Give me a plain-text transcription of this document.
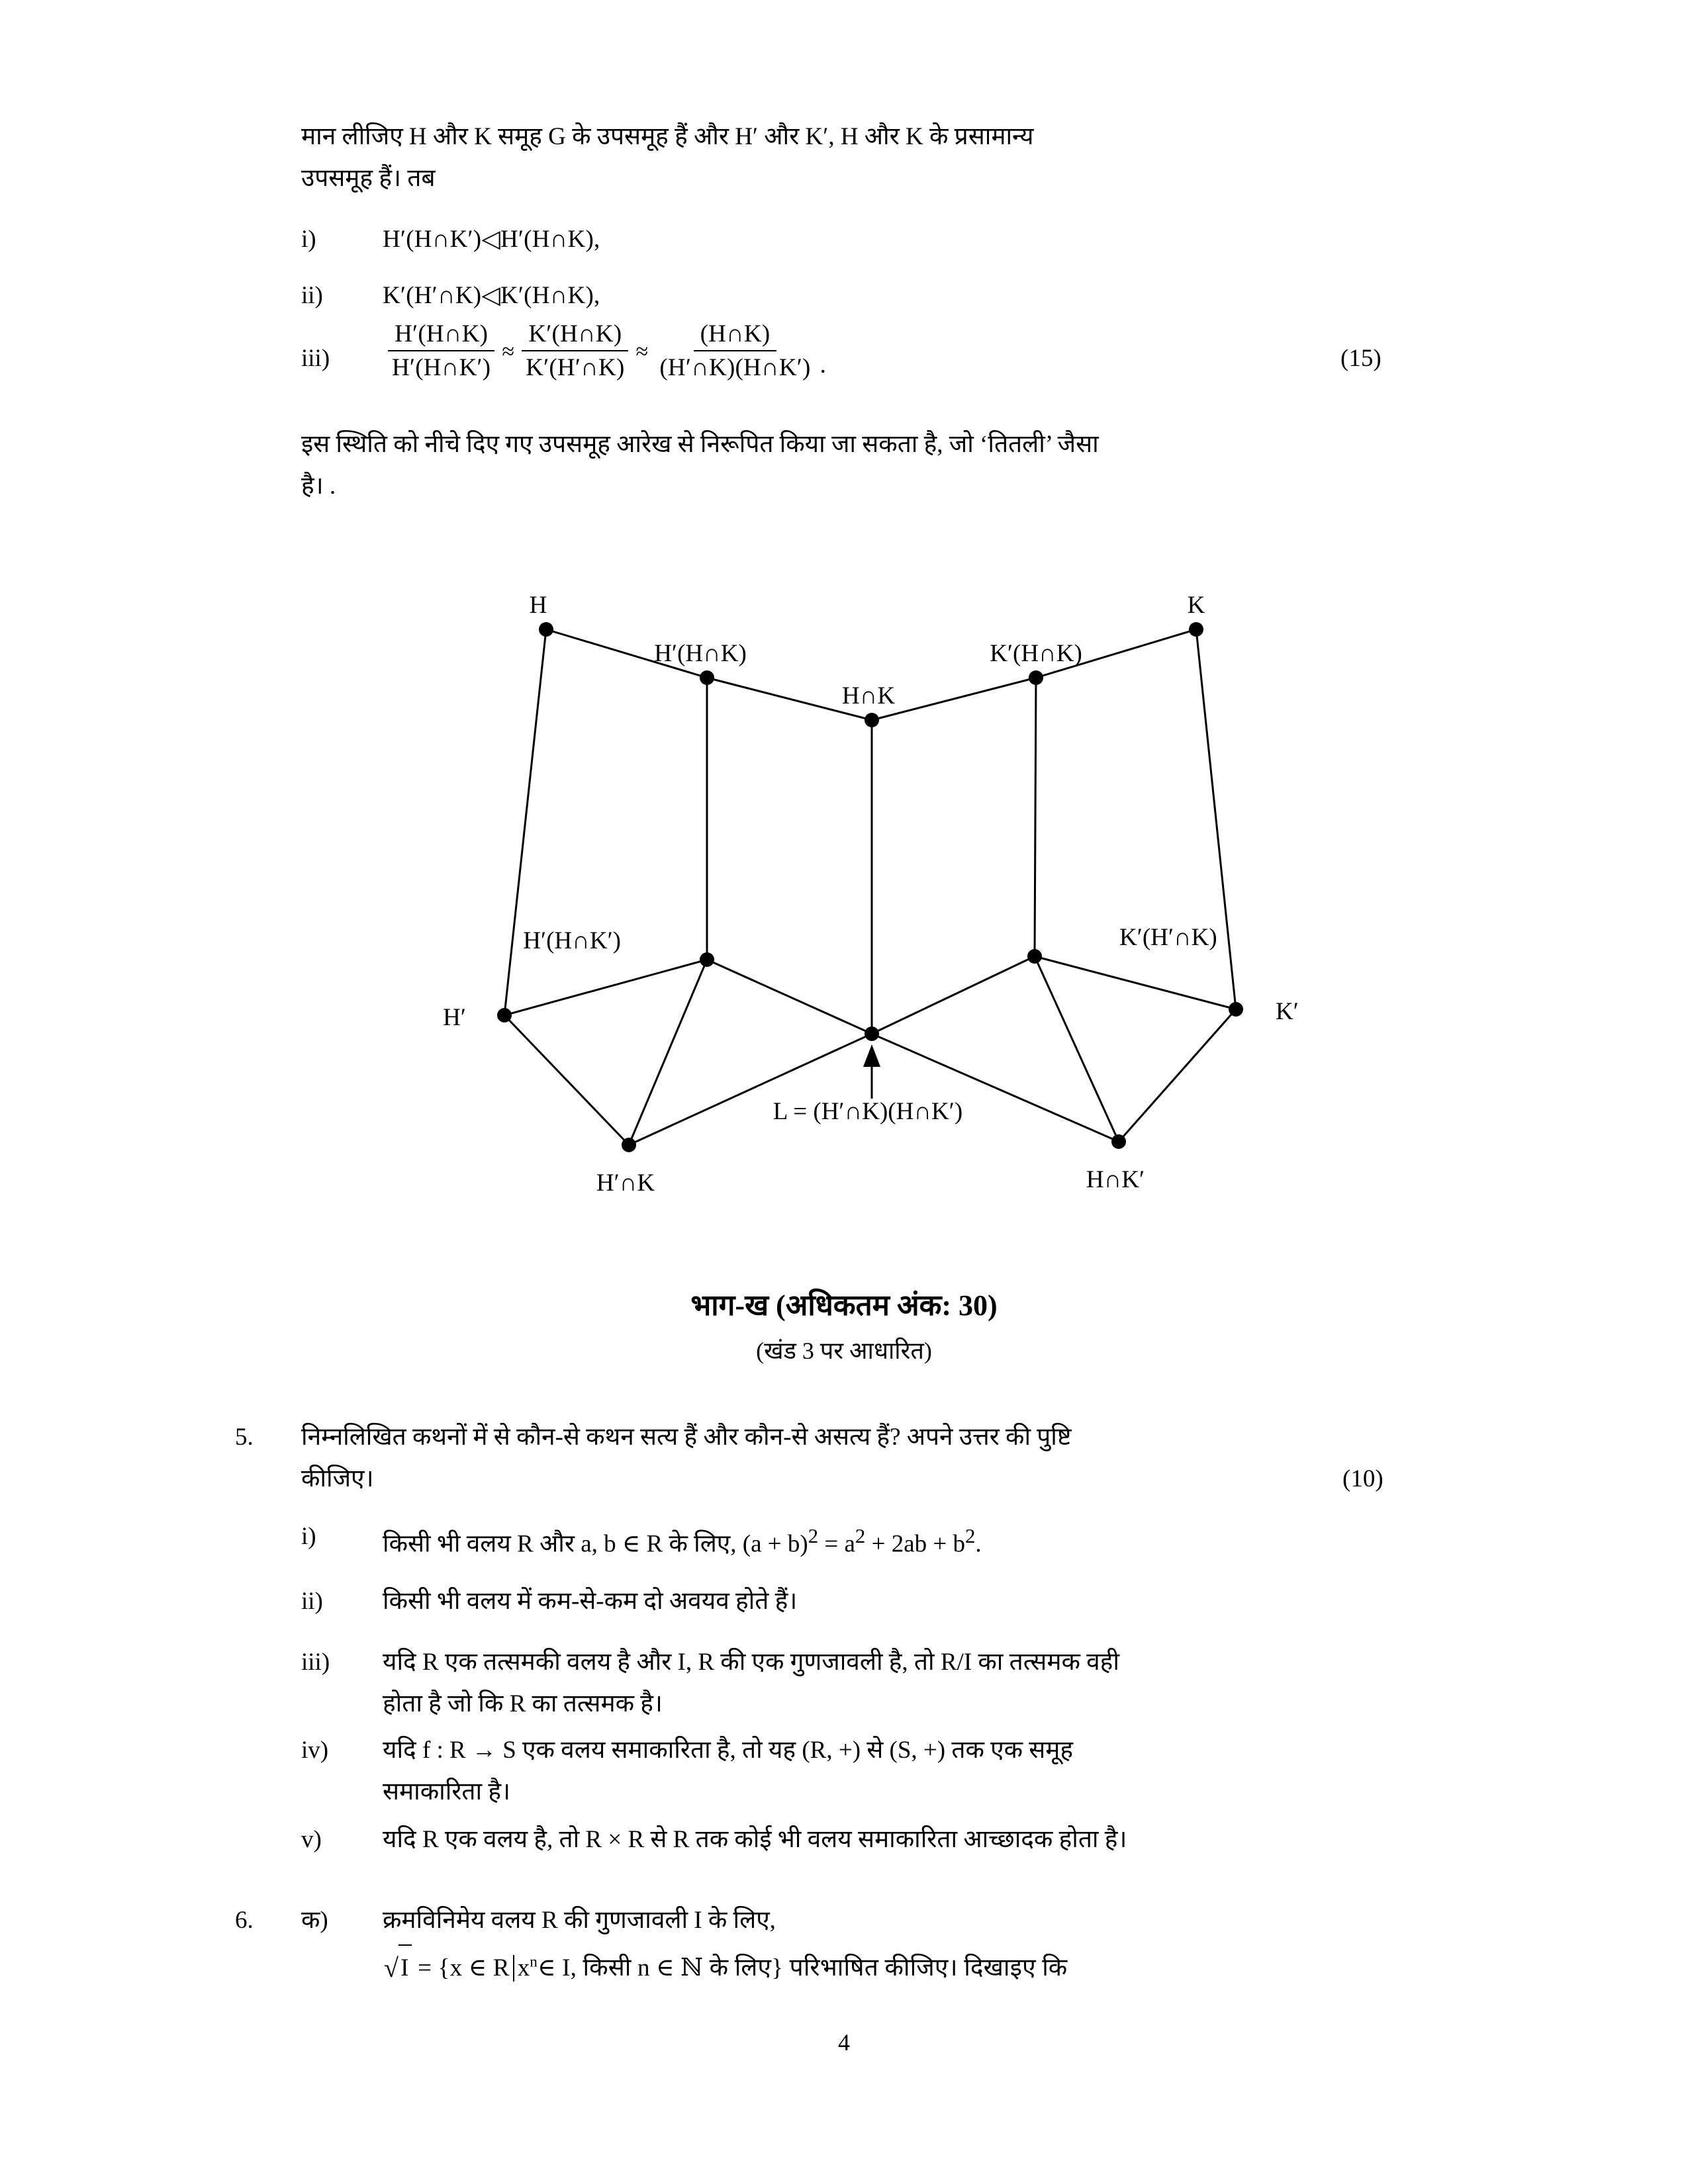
मान लीजिए H और K समूह G के उपसमूह हैं और H′ और K′, H और K के प्रसामान्य
उपसमूह हैं। तब
i)	H′(H∩K′)◁H′(H∩K),
ii) K′(H′∩K)◁K′(H∩K),
$iii) \frac{H'(H\cap K)}{H'(H\cap K')} \approx \frac{K'(H\cap K)}{K'(H'\cap K)} \approx \frac{(H\cap K)}{(H'\cap K)(H\cap K')}$ .	(15)
इस स्थिति को नीचे दिए गए उपसमूह आरेख से निरूपित किया जा सकता है, जो ‘तितली’ जैसा
है। .
H
H′(H∩K)
H∩K
K′(H∩K)
K
H′(H∩K′)
H′
L = (H′∩K)(H∩K′)
K′(H′∩K)
K′
H′∩K	H∩K′
भाग-ख (अधिकतम अंक: 30)
(खंड 3 पर आधारित)
5. निम्नलिखित कथनों में से कौन-से कथन सत्य हैं और कौन-से असत्य हैं? अपने उत्तर की पुष्टि
कीजिए।	(10)
i)	किसी भी वलय R और a, b ∈ R के लिए, $(a + b)^2 = a^2 + 2ab + b^2$.
ii) किसी भी वलय में कम-से-कम दो अवयव होते हैं।
iii) यदि R एक तत्समकी वलय है और I, R की एक गुणजावली है, तो R/I का तत्समक वही
होता है जो कि R का तत्समक है।
iv) यदि f : R → S एक वलय समाकारिता है, तो यह (R, +) से (S, +) तक एक समूह
समाकारिता है।
v) यदि R एक वलय है, तो R × R से R तक कोई भी वलय समाकारिता आच्छादक होता है।
6. क) क्रमविनिमेय वलय R की गुणजावली I के लिए,
√I = {x ∈ R $x^n\in$ I, किसी n ∈ ℕ के लिए} परिभाषित कीजिए। दिखाइए कि
4
